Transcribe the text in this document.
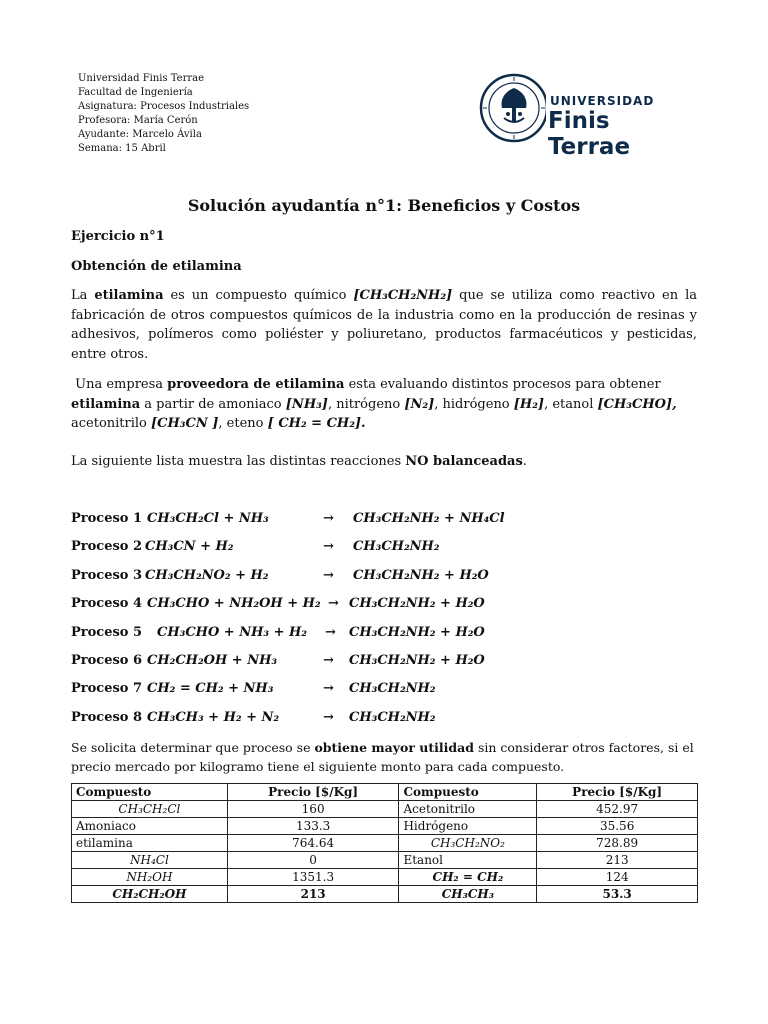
Universidad Finis Terrae
Facultad de Ingeniería
Asignatura: Procesos Industriales
Profesora: María Cerón
Ayudante: Marcelo Ávila
Semana: 15 Abril
UNIVERSIDAD
Finis Terrae
Solución ayudantía n°1: Beneficios y Costos
Ejercicio n°1
Obtención de etilamina
La etilamina es un compuesto químico [CH₃CH₂NH₂] que se utiliza como reactivo en la fabricación de otros compuestos químicos de la industria como en la producción de resinas y adhesivos, polímeros como poliéster y poliuretano, productos farmacéuticos y pesticidas, entre otros.
Una empresa proveedora de etilamina esta evaluando distintos procesos para obtener
etilamina a partir de amoniaco [NH₃], nitrógeno [N₂], hidrógeno [H₂], etanol [CH₃CHO],
acetonitrilo [CH₃CN ], eteno [ CH₂ = CH₂].
La siguiente lista muestra las distintas reacciones NO balanceadas.
Proceso 1 CH₃CH₂Cl + NH₃	→ CH₃CH₂NH₂ + NH₄Cl
Proceso 2 CH₃CN + H₂	→ CH₃CH₂NH₂
Proceso 3 CH₃CH₂NO₂ + H₂	→ CH₃CH₂NH₂ + H₂O
Proceso 4 CH₃CHO + NH₂OH + H₂ → CH₃CH₂NH₂ + H₂O
Proceso 5 CH₃CHO + NH₃ + H₂ → CH₃CH₂NH₂ + H₂O
Proceso 6 CH₂CH₂OH + NH₃	→ CH₃CH₂NH₂ + H₂O
Proceso 7 CH₂ = CH₂ + NH₃	→ CH₃CH₂NH₂
Proceso 8 CH₃CH₃ + H₂ + N₂	→ CH₃CH₂NH₂
Se solicita determinar que proceso se obtiene mayor utilidad sin considerar otros factores, si el precio mercado por kilogramo tiene el siguiente monto para cada compuesto.
Compuesto	Precio [$/Kg]	Compuesto	Precio [$/Kg]
CH₃CH₂Cl	160	Acetonitrilo	452.97
Amoniaco	133.3	Hidrógeno	35.56
etilamina	764.64	CH₃CH₂NO₂	728.89
NH₄Cl	0	Etanol	213
NH₂OH	1351.3	CH₂ = CH₂	124
CH₂CH₂OH	213	CH₃CH₃	53.3
